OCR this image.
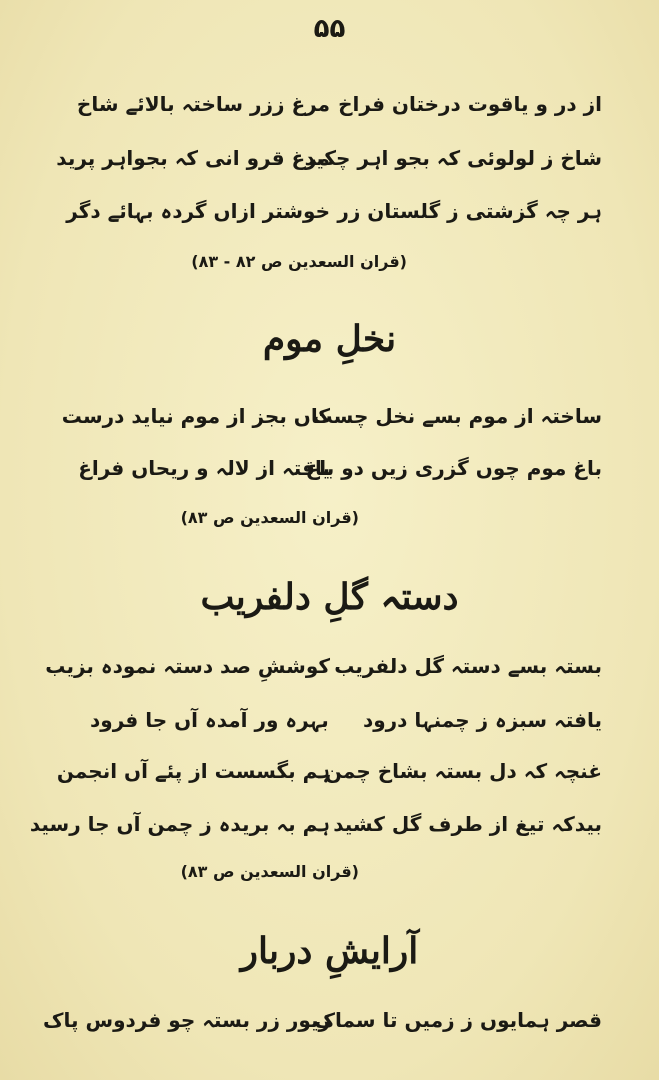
۵۵
از در و یاقوت درختان فراخ
مرغ ززر ساختہ بالائے شاخ
شاخ ز لولوئی کہ بجو اہر چکید
مرغ قرو انی کہ بجواہر پرید
ہر چہ گزشتی ز گلستان زر
خوشتر ازاں گردہ بہائے دگر
(قران السعدین ص ۸۲ - ۸۳)
نخلِ موم
ساختہ از موم بسے نخل چست
کاں بجز از موم نیاید درست
باغ موم چوں گزری زیں دو باغ
یافتہ از لالہ و ریحاں فراغ
(قران السعدین ص ۸۳)
دستہ گلِ دلفریب
بستہ بسے دستہ گل دلفریب
کوششِ صد دستہ نمودہ بزیب
یافتہ سبزہ ز چمنہا درود
بہرہ ور آمدہ آں جا فرود
غنچہ کہ دل بستہ بشاخ چمن
ہم بگسست از پئے آں انجمن
بیدکہ تیغ از طرف گل کشید
ہم بہ بریدہ ز چمن آں جا رسید
(قران السعدین ص ۸۳)
آرایشِ دربار
قصر ہمایوں ز زمیں تا سماک
زیور زر بستہ چو فردوس پاک
